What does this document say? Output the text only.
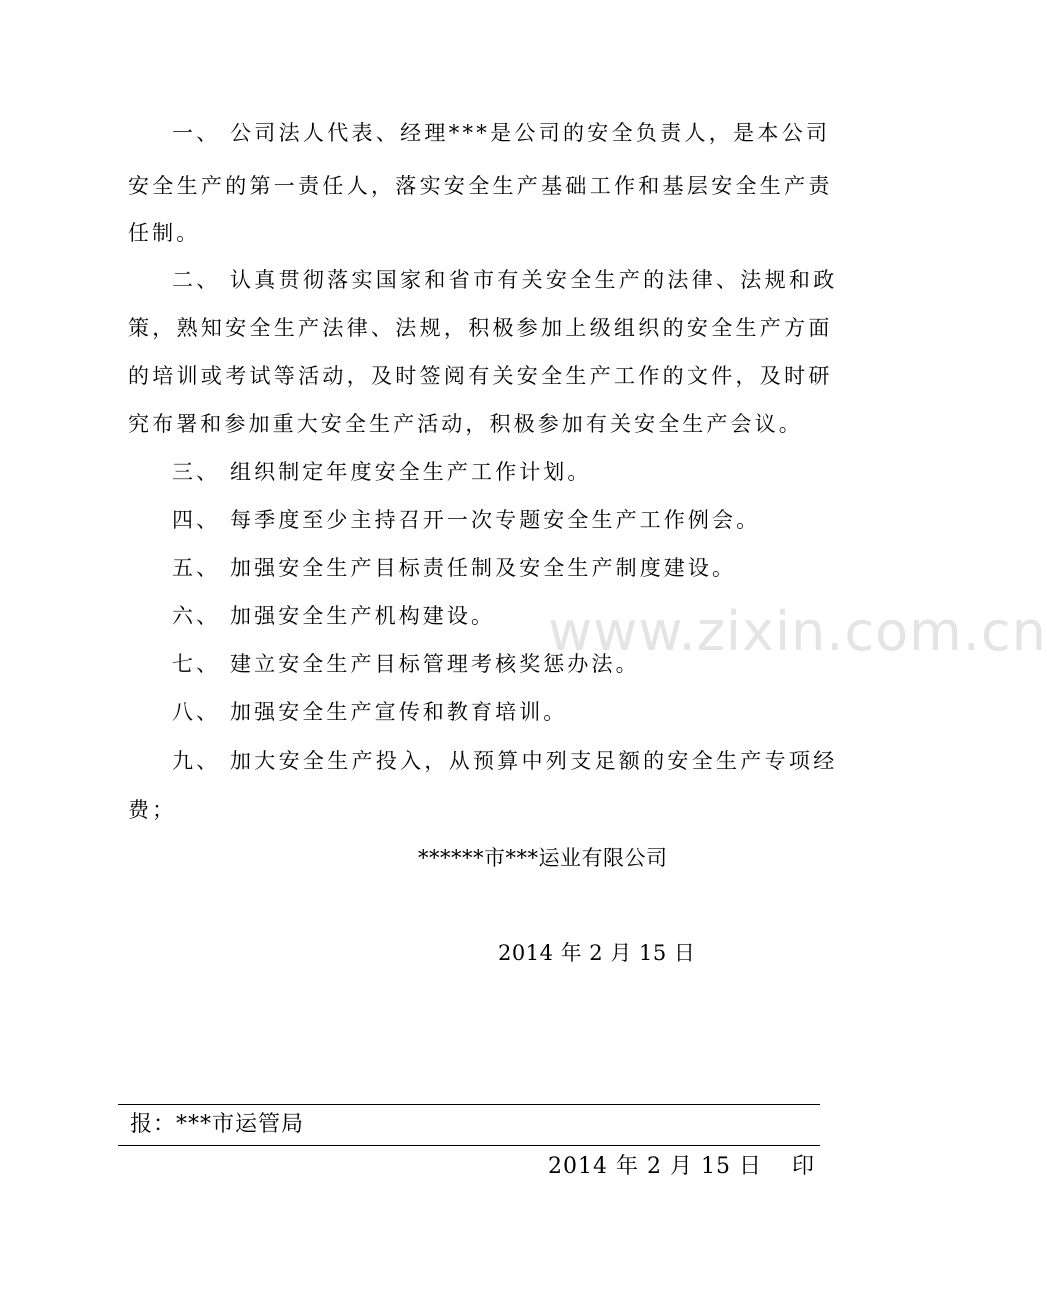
www.zixin.com.cn
一、 公司法人代表、经理***是公司的安全负责人，是本公司
安全生产的第一责任人，落实安全生产基础工作和基层安全生产责
任制。
二、 认真贯彻落实国家和省市有关安全生产的法律、法规和政
策，熟知安全生产法律、法规，积极参加上级组织的安全生产方面
的培训或考试等活动，及时签阅有关安全生产工作的文件，及时研
究布署和参加重大安全生产活动，积极参加有关安全生产会议。
三、 组织制定年度安全生产工作计划。
四、 每季度至少主持召开一次专题安全生产工作例会。
五、 加强安全生产目标责任制及安全生产制度建设。
六、 加强安全生产机构建设。
七、 建立安全生产目标管理考核奖惩办法。
八、 加强安全生产宣传和教育培训。
九、 加大安全生产投入，从预算中列支足额的安全生产专项经
费；
******市***运业有限公司
2014 年 2 月 15 日
报：***市运管局
2014 年 2 月 15 日 印
